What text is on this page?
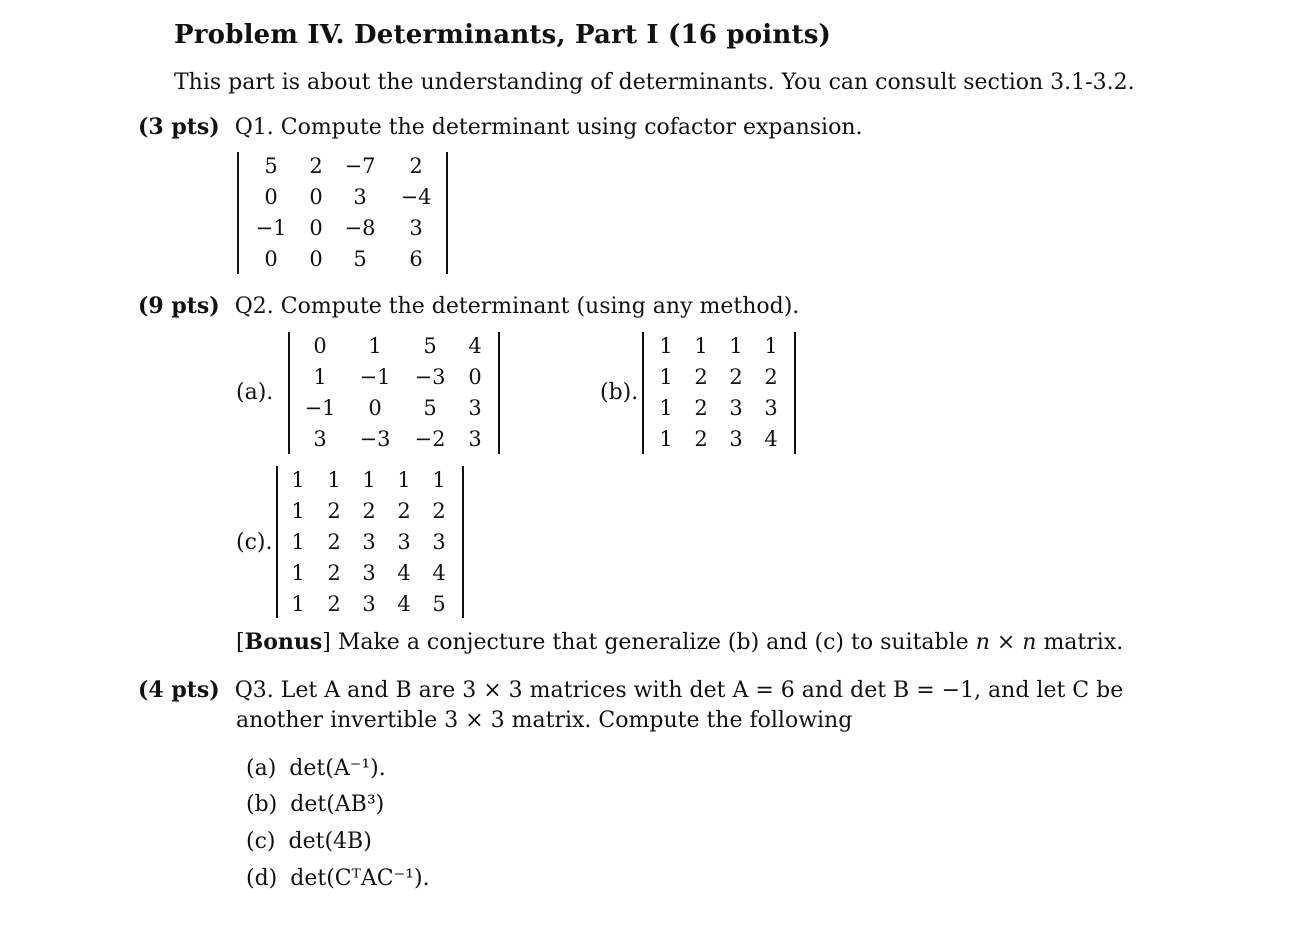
Problem IV. Determinants, Part I (16 points)
This part is about the understanding of determinants. You can consult section 3.1-3.2.
(3 pts) Q1. Compute the determinant using cofactor expansion.
5	2	−7	2
0	0	3	−4
−1	0	−8	3
0	0	5	6
(9 pts) Q2. Compute the determinant (using any method).
(a).
0	1	5	4
1	−1 −3	0
−1	0	5	3
3	−3 −2	3
(b).
1	1	1	1
1	2	2	2
1	2	3	3
1	2	3	4
(c).
1	1	1	1	1
1	2	2	2	2
1	2	3	3	3
1	2	3	4	4
1	2	3	4	5
[Bonus] Make a conjecture that generalize (b) and (c) to suitable n × n matrix.
(4 pts) Q3. Let A and B are 3 × 3 matrices with det A = 6 and det B = −1, and let C be
another invertible 3 × 3 matrix. Compute the following
(a) det(A⁻¹).
(b) det(AB³)
(c) det(4B)
(d) det(CᵀAC⁻¹).
